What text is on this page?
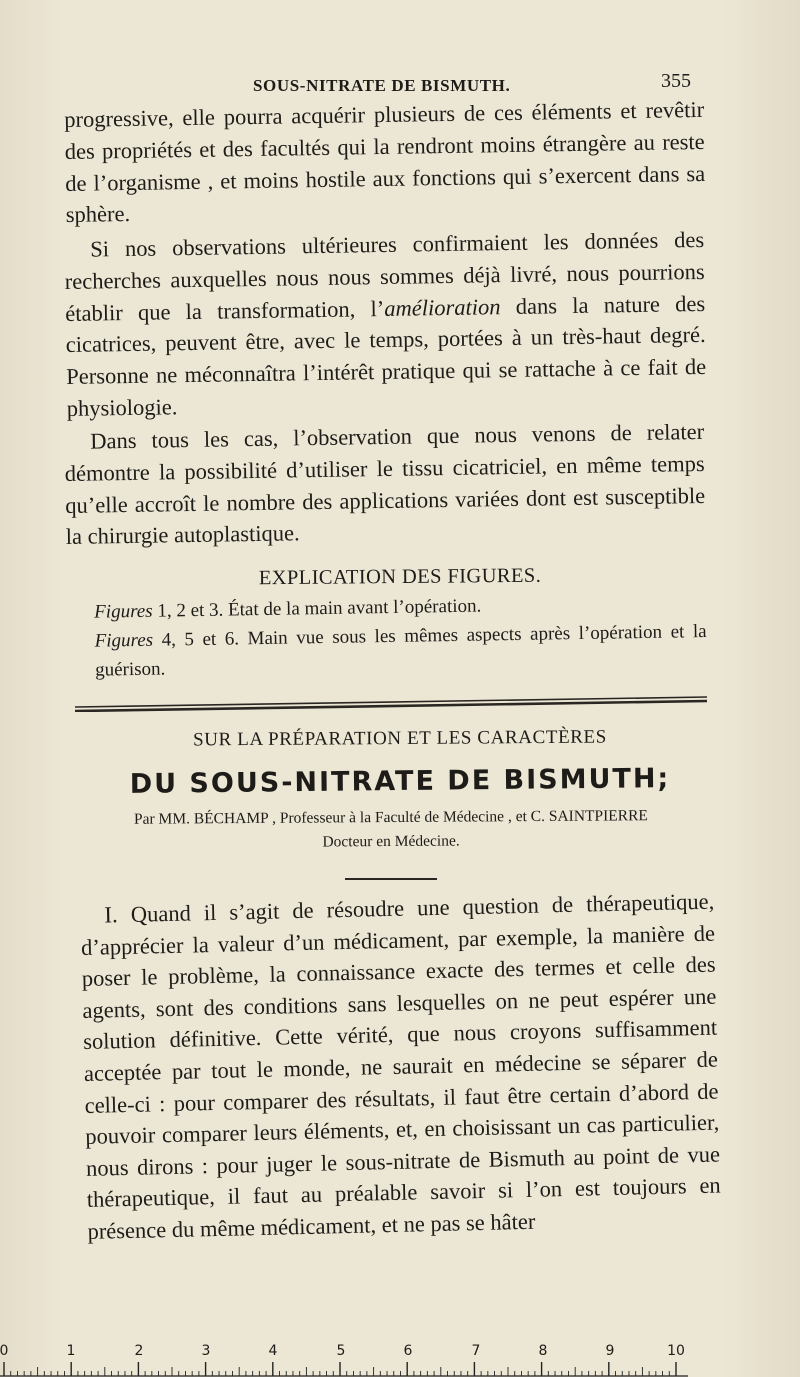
SOUS-NITRATE DE BISMUTH.	355

progressive, elle pourra acquérir plusieurs de ces éléments et revêtir des propriétés et des facultés qui la rendront moins étrangère au reste de l’organisme , et moins hostile aux fonctions qui s’exercent dans sa sphère.

Si nos observations ultérieures confirmaient les données des recherches auxquelles nous nous sommes déjà livré, nous pourrions établir que la transformation, l’amélioration dans la nature des cicatrices, peuvent être, avec le temps, portées à un très-haut degré. Personne ne méconnaîtra l’intérêt pratique qui se rattache à ce fait de physiologie.

Dans tous les cas, l’observation que nous venons de relater démontre la possibilité d’utiliser le tissu cicatriciel, en même temps qu’elle accroît le nombre des applications variées dont est susceptible la chirurgie autoplastique.

EXPLICATION DES FIGURES.
Figures 1, 2 et 3. État de la main avant l’opération.
Figures 4, 5 et 6. Main vue sous les mêmes aspects après l’opération et la guérison.
SUR LA PRÉPARATION ET LES CARACTÈRES
DU SOUS-NITRATE DE BISMUTH;
Par MM. BÉCHAMP , Professeur à la Faculté de Médecine , et C. SAINTPIERRE
Docteur en Médecine.

I. Quand il s’agit de résoudre une question de thérapeutique, d’apprécier la valeur d’un médicament, par exemple, la manière de poser le problème, la connaissance exacte des termes et celle des agents, sont des conditions sans lesquelles on ne peut espérer une solution définitive. Cette vérité, que nous croyons suffisamment acceptée par tout le monde, ne saurait en médecine se séparer de celle-ci : pour comparer des résultats, il faut être certain d’abord de pouvoir comparer leurs éléments, et, en choisissant un cas particulier, nous dirons : pour juger le sous-nitrate de Bismuth au point de vue thérapeutique, il faut au préalable savoir si l’on est toujours en présence du même médicament, et ne pas se hâter

0	1	2	3	4	5	6	7	8	9	10
